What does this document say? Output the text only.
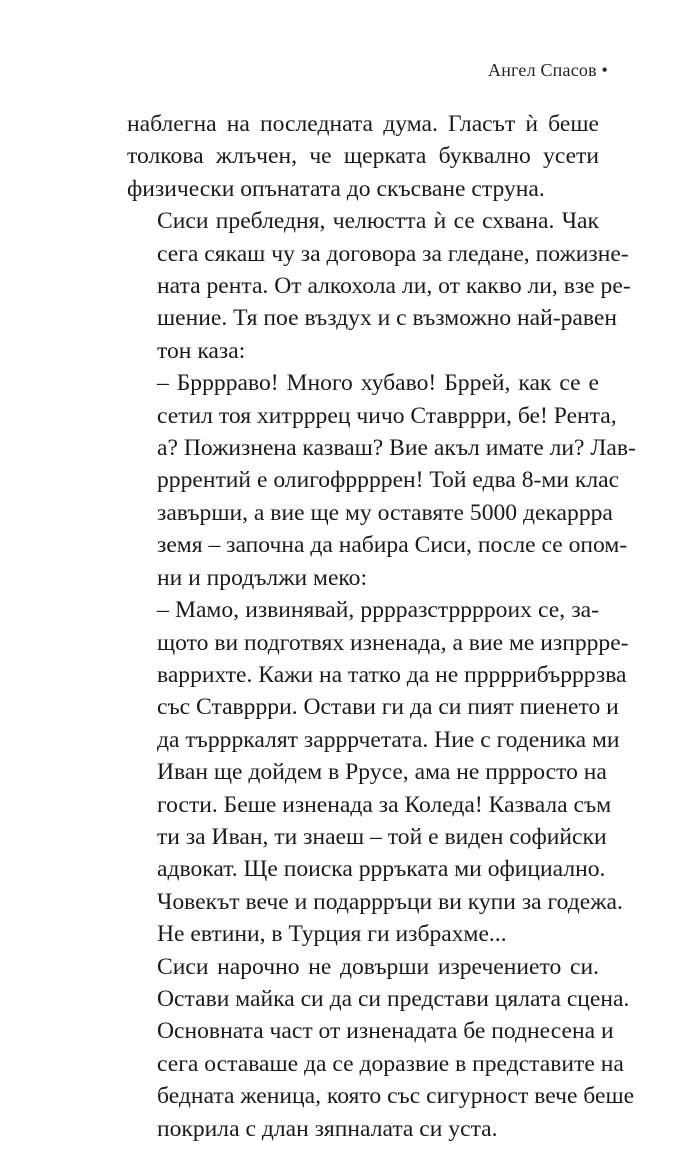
Ангел Спасов •

наблегна на последната дума. Гласът ѝ беше
толкова жлъчен, че щерката буквално усети
физически опънатата до скъсване струна.

Сиси пребледня, челюстта ѝ се схвана. Чак
сега сякаш чу за договора за гледане, пожизне-
ната рента. От алкохола ли, от какво ли, взе ре-
шение. Тя пое въздух и с възможно най-равен
тон каза:

– Брррраво! Много хубаво! Бррей, как се е
сетил тоя хитрррец чичо Ставррри, бе! Рента,
а? Пожизнена казваш? Вие акъл имате ли? Лав-
рррентий е олигофррррен! Той едва 8-ми клас
завърши, а вие ще му оставяте 5000 декаррра
земя – започна да набира Сиси, после се опом-
ни и продължи меко:

– Мамо, извинявай, рррразстрррроих се, за-
щото ви подготвях изненада, а вие ме изпррре-
варрихте. Кажи на татко да не пррррибърррзва
със Ставррри. Остави ги да си пият пиенето и
да търрркалят зарррчетата. Ние с годеника ми
Иван ще дойдем в Ррусе, ама не пррросто на
гости. Беше изненада за Коледа! Казвала съм
ти за Иван, ти знаеш – той е виден софийски
адвокат. Ще поиска ррръката ми официално.
Човекът вече и подаррръци ви купи за годежа.
Не евтини, в Турция ги избрахме...

Сиси нарочно не довърши изречението си.
Остави майка си да си представи цялата сцена.
Основната част от изненадата бе поднесена и
сега оставаше да се доразвие в представите на
бедната женица, която със сигурност вече беше
покрила с длан зяпналата си уста.
